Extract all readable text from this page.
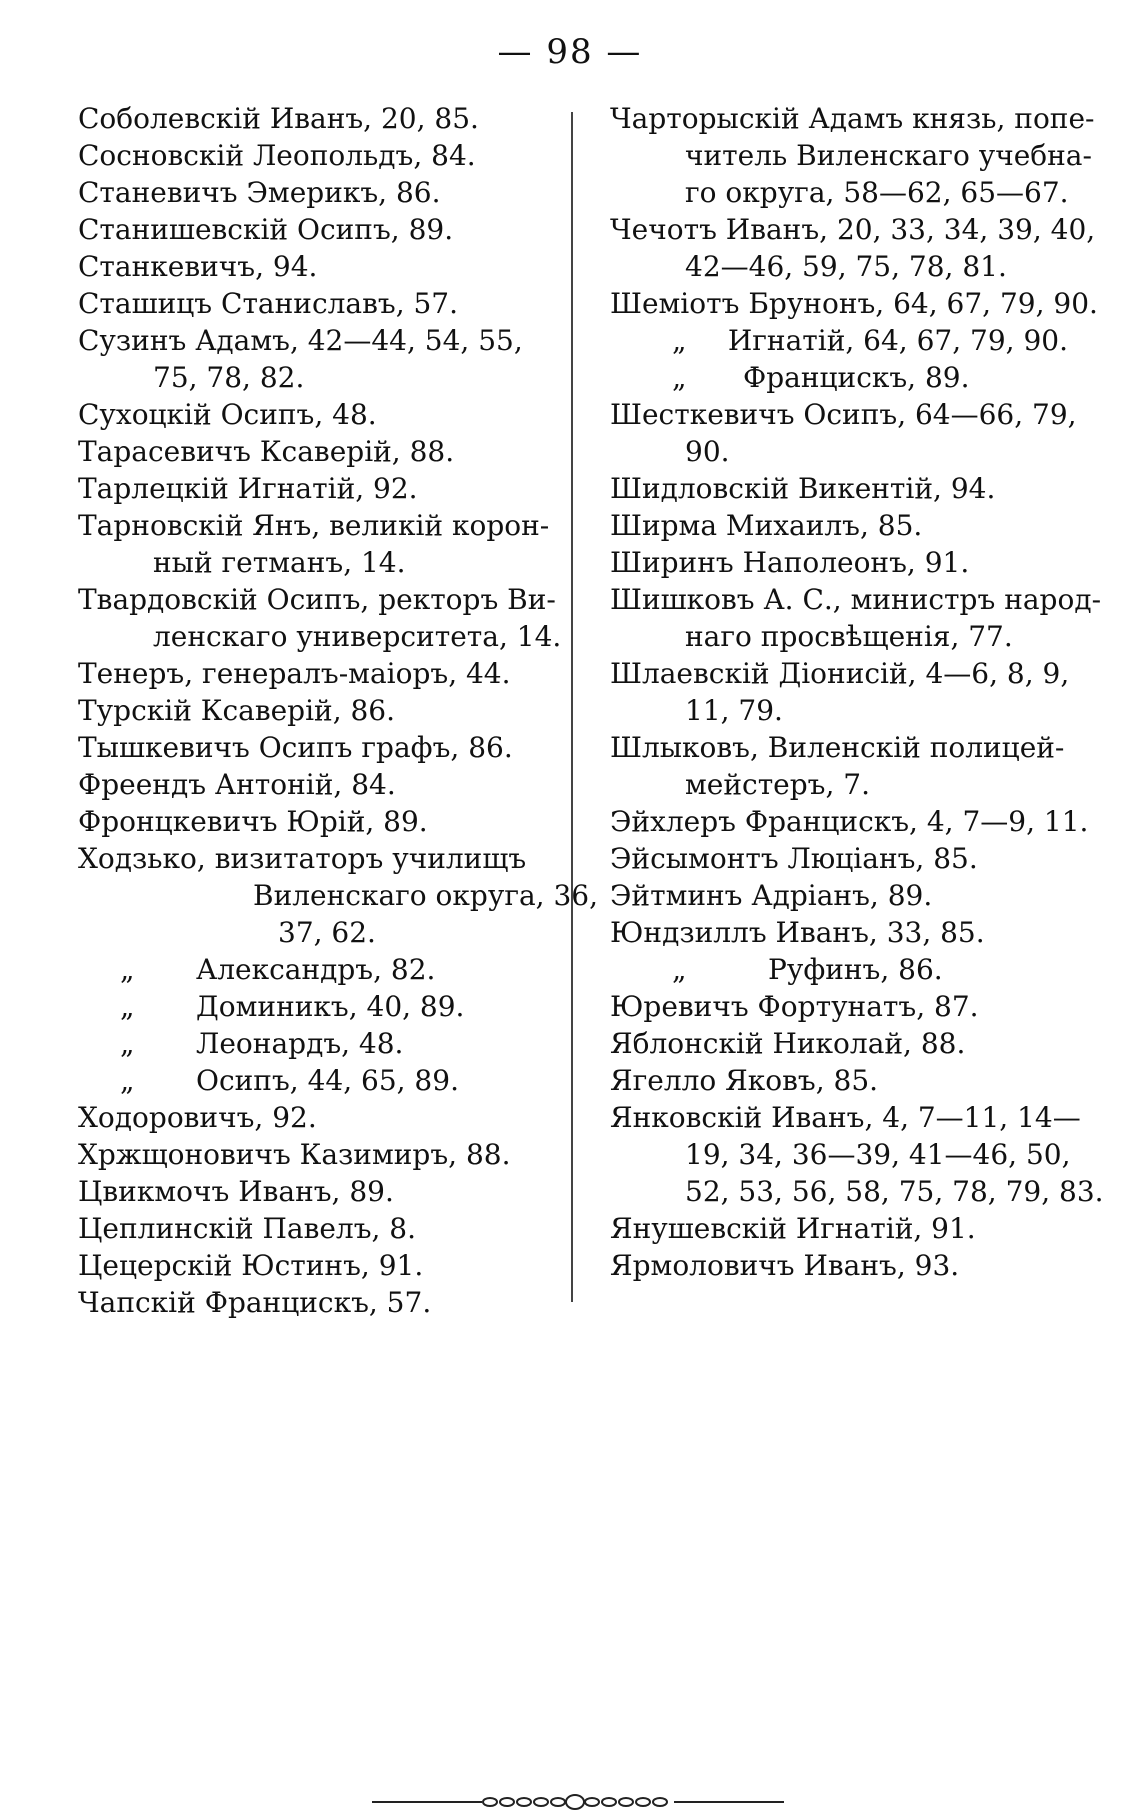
— 98 —
Соболевскій Иванъ, 20, 85.
Сосновскій Леопольдъ, 84.
Станевичъ Эмерикъ, 86.
Станишевскій Осипъ, 89.
Станкевичъ, 94.
Сташицъ Станиславъ, 57.
Сузинъ Адамъ, 42—44, 54, 55,
75, 78, 82.
Сухоцкій Осипъ, 48.
Тарасевичъ Ксаверій, 88.
Тарлецкій Игнатій, 92.
Тарновскій Янъ, великій корон-
ный гетманъ, 14.
Твардовскій Осипъ, ректоръ Ви-
ленскаго университета, 14.
Тенеръ, генералъ-маіоръ, 44.
Турскій Ксаверій, 86.
Тышкевичъ Осипъ графъ, 86.
Фреендъ Антоній, 84.
Фронцкевичъ Юрій, 89.
Ходзько, визитаторъ училищъ
Виленскаго округа, 36,
37, 62.
„	Александръ, 82.
„	Доминикъ, 40, 89.
„	Леонардъ, 48.
„	Осипъ, 44, 65, 89.
Ходоровичъ, 92.
Хржщоновичъ Казимиръ, 88.
Цвикмочъ Иванъ, 89.
Цеплинскій Павелъ, 8.
Цецерскій Юстинъ, 91.
Чапскій Францискъ, 57.
Чарторыскій Адамъ князь, попе-
читель Виленскаго учебна-
го округа, 58—62, 65—67.
Чечотъ Иванъ, 20, 33, 34, 39, 40,
42—46, 59, 75, 78, 81.
Шеміотъ Брунонъ, 64, 67, 79, 90.
„	Игнатій, 64, 67, 79, 90.
„	Францискъ, 89.
Шесткевичъ Осипъ, 64—66, 79,
90.
Шидловскій Викентій, 94.
Ширма Михаилъ, 85.
Ширинъ Наполеонъ, 91.
Шишковъ А. С., министръ народ-
наго просвѣщенія, 77.
Шлаевскій Діонисій, 4—6, 8, 9,
11, 79.
Шлыковъ, Виленскій полицей-
мейстеръ, 7.
Эйхлеръ Францискъ, 4, 7—9, 11.
Эйсымонтъ Люціанъ, 85.
Эйтминъ Адріанъ, 89.
Юндзиллъ Иванъ, 33, 85.
„	Руфинъ, 86.
Юревичъ Фортунатъ, 87.
Яблонскій Николай, 88.
Ягелло Яковъ, 85.
Янковскій Иванъ, 4, 7—11, 14—
19, 34, 36—39, 41—46, 50,
52, 53, 56, 58, 75, 78, 79, 83.
Янушевскій Игнатій, 91.
Ярмоловичъ Иванъ, 93.
